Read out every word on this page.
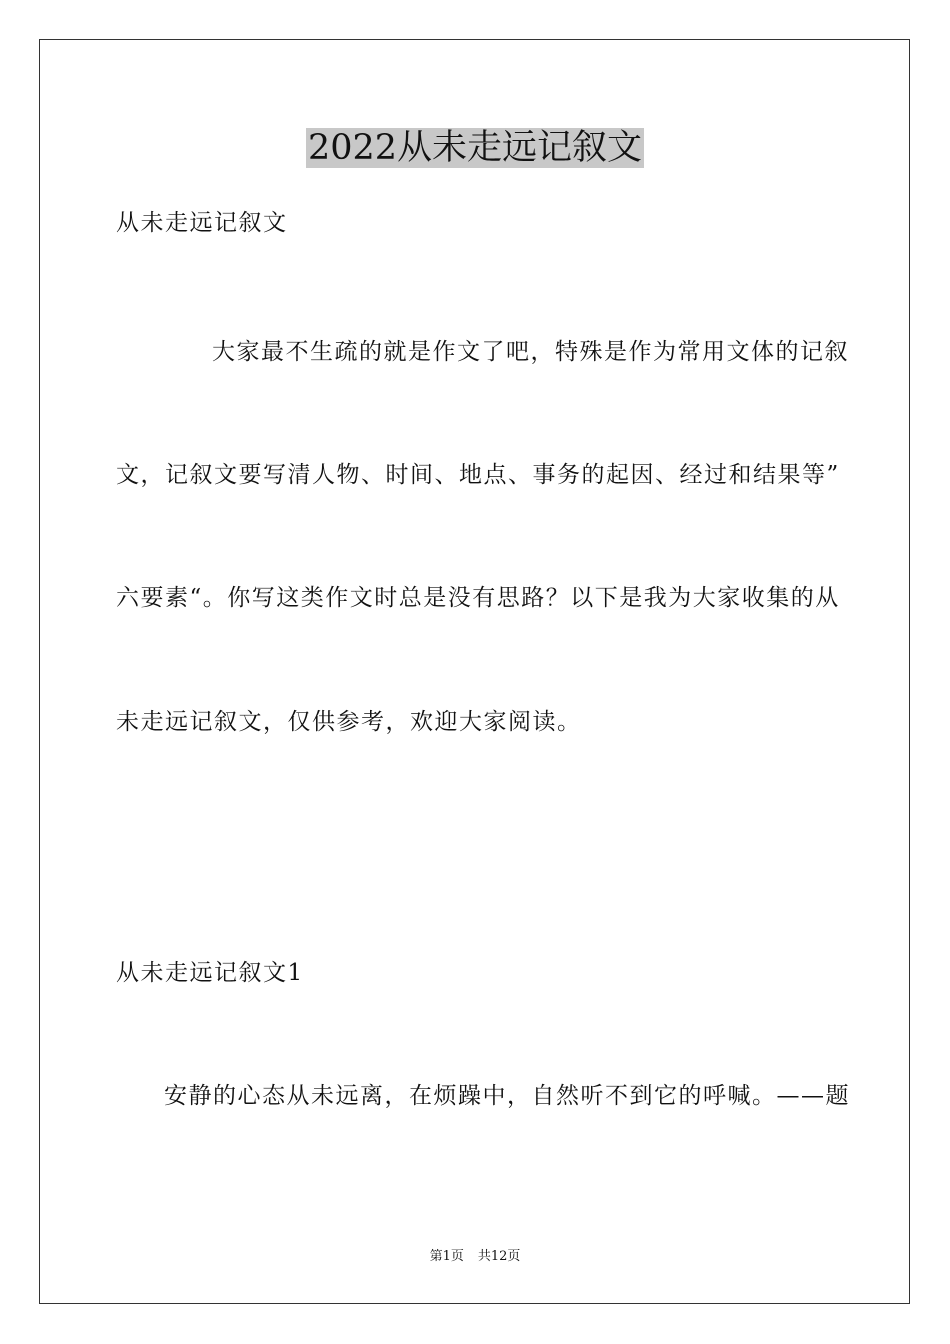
2022从未走远记叙文
从未走远记叙文
大家最不生疏的就是作文了吧，特殊是作为常用文体的记叙
文，记叙文要写清人物、时间、地点、事务的起因、经过和结果等”
六要素“。你写这类作文时总是没有思路？以下是我为大家收集的从
未走远记叙文，仅供参考，欢迎大家阅读。
从未走远记叙文1
安静的心态从未远离，在烦躁中，自然听不到它的呼喊。——题
第1页 共12页
